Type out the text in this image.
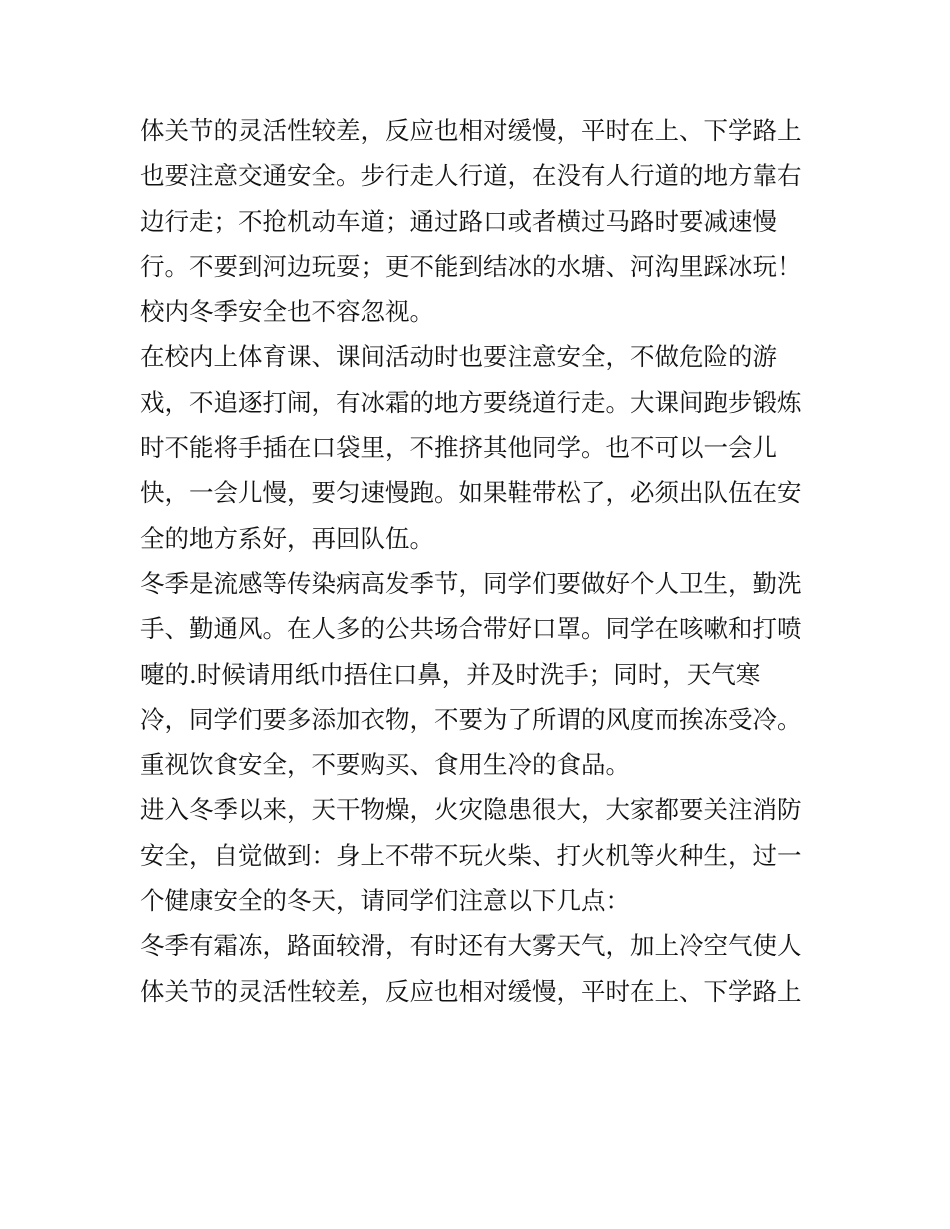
体关节的灵活性较差，反应也相对缓慢，平时在上、下学路上
也要注意交通安全。步行走人行道，在没有人行道的地方靠右
边行走；不抢机动车道；通过路口或者横过马路时要减速慢
行。不要到河边玩耍；更不能到结冰的水塘、河沟里踩冰玩！
校内冬季安全也不容忽视。
在校内上体育课、课间活动时也要注意安全，不做危险的游
戏，不追逐打闹，有冰霜的地方要绕道行走。大课间跑步锻炼
时不能将手插在口袋里，不推挤其他同学。也不可以一会儿
快，一会儿慢，要匀速慢跑。如果鞋带松了，必须出队伍在安
全的地方系好，再回队伍。
冬季是流感等传染病高发季节，同学们要做好个人卫生，勤洗
手、勤通风。在人多的公共场合带好口罩。同学在咳嗽和打喷
嚏的.时候请用纸巾捂住口鼻，并及时洗手；同时，天气寒
冷，同学们要多添加衣物，不要为了所谓的风度而挨冻受冷。
重视饮食安全，不要购买、食用生冷的食品。
进入冬季以来，天干物燥，火灾隐患很大，大家都要关注消防
安全，自觉做到：身上不带不玩火柴、打火机等火种生，过一
个健康安全的冬天，请同学们注意以下几点：
冬季有霜冻，路面较滑，有时还有大雾天气，加上冷空气使人
体关节的灵活性较差，反应也相对缓慢，平时在上、下学路上
